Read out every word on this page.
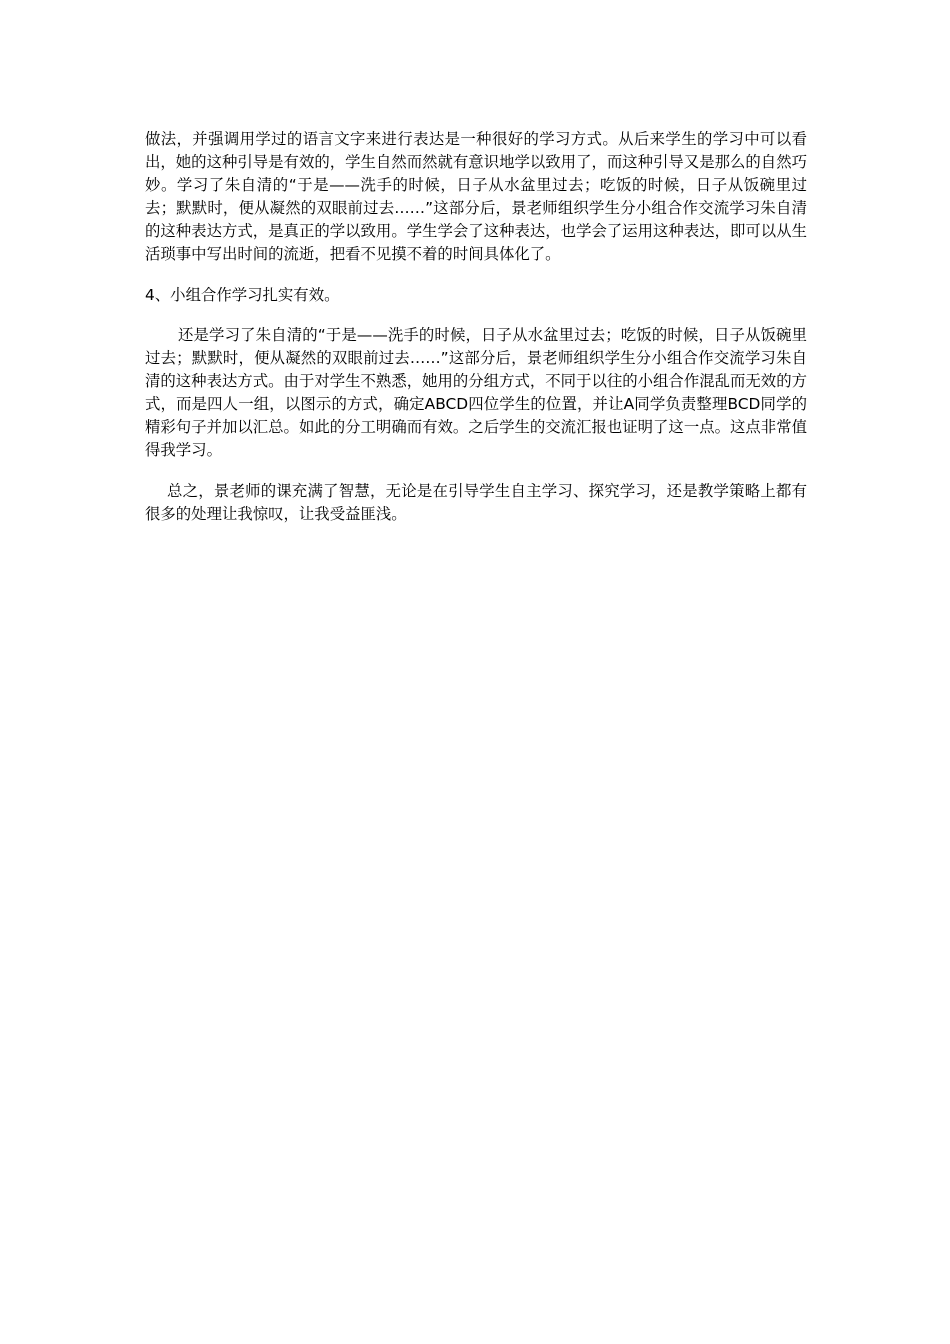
做法，并强调用学过的语言文字来进行表达是一种很好的学习方式。从后来学生的学习中可以看出，她的这种引导是有效的，学生自然而然就有意识地学以致用了，而这种引导又是那么的自然巧妙。学习了朱自清的“于是——洗手的时候，日子从水盆里过去；吃饭的时候，日子从饭碗里过去；默默时，便从凝然的双眼前过去……”这部分后，景老师组织学生分小组合作交流学习朱自清的这种表达方式，是真正的学以致用。学生学会了这种表达，也学会了运用这种表达，即可以从生活琐事中写出时间的流逝，把看不见摸不着的时间具体化了。

4、小组合作学习扎实有效。

还是学习了朱自清的“于是——洗手的时候，日子从水盆里过去；吃饭的时候，日子从饭碗里过去；默默时，便从凝然的双眼前过去……”这部分后，景老师组织学生分小组合作交流学习朱自清的这种表达方式。由于对学生不熟悉，她用的分组方式，不同于以往的小组合作混乱而无效的方式，而是四人一组，以图示的方式，确定ABCD四位学生的位置，并让A同学负责整理BCD同学的精彩句子并加以汇总。如此的分工明确而有效。之后学生的交流汇报也证明了这一点。这点非常值得我学习。

总之，景老师的课充满了智慧，无论是在引导学生自主学习、探究学习，还是教学策略上都有很多的处理让我惊叹，让我受益匪浅。
